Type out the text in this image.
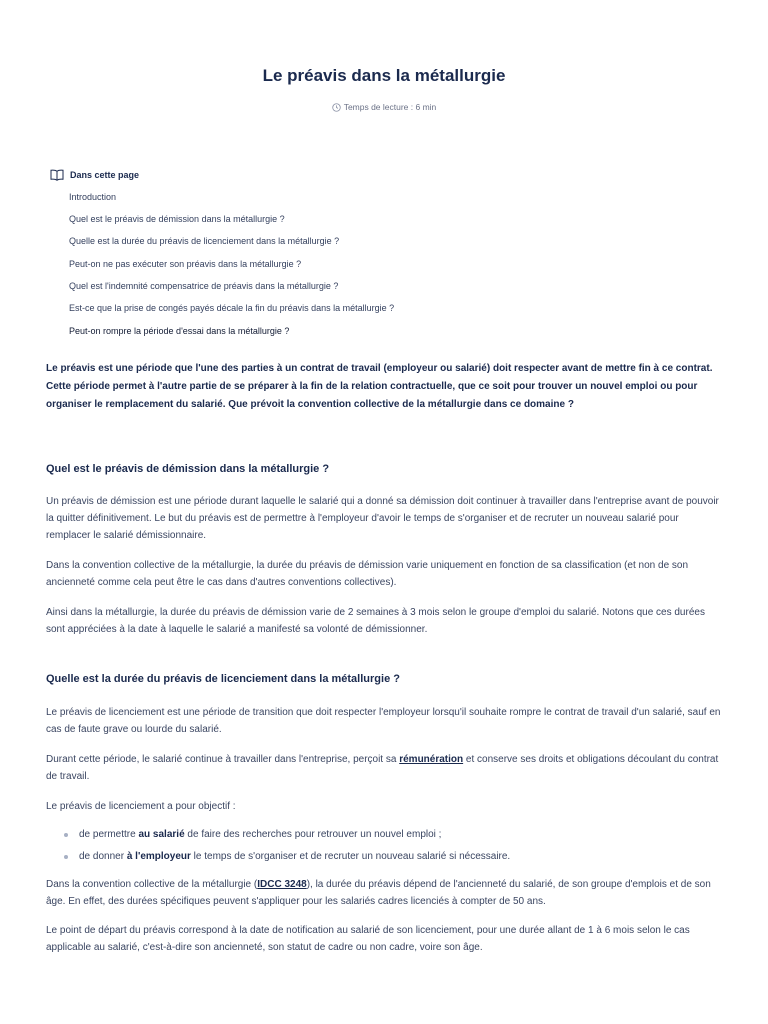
Le préavis dans la métallurgie
Temps de lecture : 6 min
Dans cette page
Introduction
Quel est le préavis de démission dans la métallurgie ?
Quelle est la durée du préavis de licenciement dans la métallurgie ?
Peut-on ne pas exécuter son préavis dans la métallurgie ?
Quel est l'indemnité compensatrice de préavis dans la métallurgie ?
Est-ce que la prise de congés payés décale la fin du préavis dans la métallurgie ?
Peut-on rompre la période d'essai dans la métallurgie ?

Le préavis est une période que l'une des parties à un contrat de travail (employeur ou salarié) doit respecter avant de mettre fin à ce contrat. Cette période permet à l'autre partie de se préparer à la fin de la relation contractuelle, que ce soit pour trouver un nouvel emploi ou pour organiser le remplacement du salarié. Que prévoit la convention collective de la métallurgie dans ce domaine ?

Quel est le préavis de démission dans la métallurgie ?

Un préavis de démission est une période durant laquelle le salarié qui a donné sa démission doit continuer à travailler dans l'entreprise avant de pouvoir la quitter définitivement. Le but du préavis est de permettre à l'employeur d'avoir le temps de s'organiser et de recruter un nouveau salarié pour remplacer le salarié démissionnaire.

Dans la convention collective de la métallurgie, la durée du préavis de démission varie uniquement en fonction de sa classification (et non de son ancienneté comme cela peut être le cas dans d'autres conventions collectives).

Ainsi dans la métallurgie, la durée du préavis de démission varie de 2 semaines à 3 mois selon le groupe d'emploi du salarié. Notons que ces durées sont appréciées à la date à laquelle le salarié a manifesté sa volonté de démissionner.

Quelle est la durée du préavis de licenciement dans la métallurgie ?

Le préavis de licenciement est une période de transition que doit respecter l'employeur lorsqu'il souhaite rompre le contrat de travail d'un salarié, sauf en cas de faute grave ou lourde du salarié.

Durant cette période, le salarié continue à travailler dans l'entreprise, perçoit sa rémunération et conserve ses droits et obligations découlant du contrat de travail.

Le préavis de licenciement a pour objectif :

de permettre au salarié de faire des recherches pour retrouver un nouvel emploi ;
de donner à l'employeur le temps de s'organiser et de recruter un nouveau salarié si nécessaire.

Dans la convention collective de la métallurgie (IDCC 3248), la durée du préavis dépend de l'ancienneté du salarié, de son groupe d'emplois et de son âge. En effet, des durées spécifiques peuvent s'appliquer pour les salariés cadres licenciés à compter de 50 ans.

Le point de départ du préavis correspond à la date de notification au salarié de son licenciement, pour une durée allant de 1 à 6 mois selon le cas applicable au salarié, c'est-à-dire son ancienneté, son statut de cadre ou non cadre, voire son âge.
